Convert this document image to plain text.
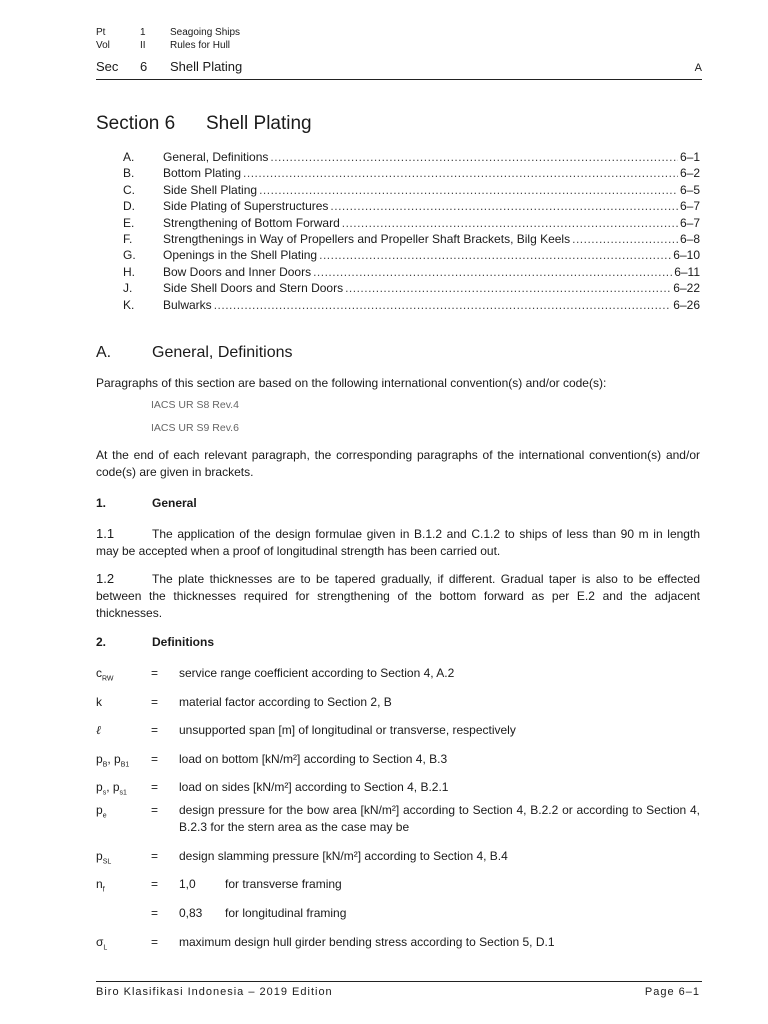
Pt	1 Seagoing Ships
Vol	II Rules for Hull
Sec 6 Shell Plating	A
Section 6 Shell Plating
A.	General, Definitions .....	6–1
B.	Bottom Plating .....	6–2
C.	Side Shell Plating .....	6–5
D.	Side Plating of Superstructures .....	6–7
E.	Strengthening of Bottom Forward .....	6–7
F.	Strengthenings in Way of Propellers and Propeller Shaft Brackets, Bilg Keels .....	6–8
G.	Openings in the Shell Plating .....	6–10
H.	Bow Doors and Inner Doors .....	6–11
J.	Side Shell Doors and Stern Doors .....	6–22
K.	Bulwarks .....	6–26
A.	General, Definitions
Paragraphs of this section are based on the following international convention(s) and/or code(s):
IACS UR S8 Rev.4
IACS UR S9 Rev.6
At the end of each relevant paragraph, the corresponding paragraphs of the international convention(s) and/or code(s) are given in brackets.
1.	General
1.1	The application of the design formulae given in B.1.2 and C.1.2 to ships of less than 90 m in length may be accepted when a proof of longitudinal strength has been carried out.
1.2	The plate thicknesses are to be tapered gradually, if different. Gradual taper is also to be effected between the thicknesses required for strengthening of the bottom forward as per E.2 and the adjacent thicknesses.
2.	Definitions
$c_{RW}$	= service range coefficient according to Section 4, A.2
k	= material factor according to Section 2, B
ℓ	= unsupported span [m] of longitudinal or transverse, respectively
$p_B$, $p_{B1}$ = load on bottom [kN/m²] according to Section 4, B.3
$p_s$, $p_{s1}$ = load on sides [kN/m²] according to Section 4, B.2.1
$p_e$	= design pressure for the bow area [kN/m²] according to Section 4, B.2.2 or according to Section 4, B.2.3 for the stern area as the case may be
$p_{SL}$	= design slamming pressure [kN/m²] according to Section 4, B.4
$n_f$	= 1,0 for transverse framing
= 0,83 for longitudinal framing
$\sigma_L$	= maximum design hull girder bending stress according to Section 5, D.1
Biro Klasifikasi Indonesia – 2019 Edition	Page 6–1
